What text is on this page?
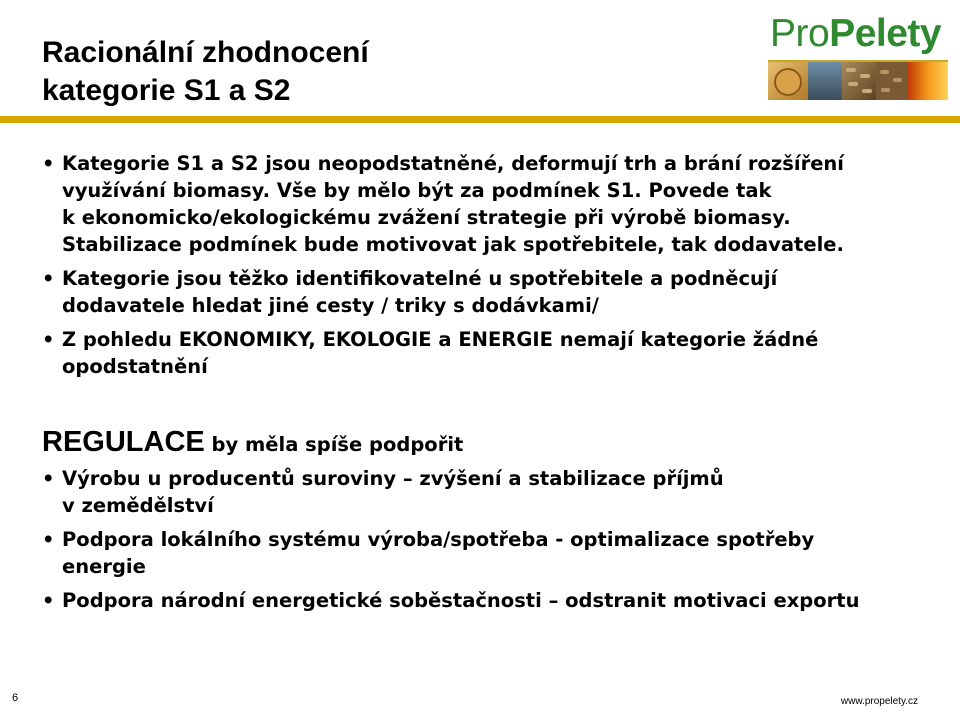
Racionální zhodnocení
kategorie S1 a S2
ProPelety
• Kategorie S1 a S2 jsou neopodstatněné, deformují trh a brání rozšíření
využívání biomasy. Vše by mělo být za podmínek S1. Povede tak
k ekonomicko/ekologickému zvážení strategie při výrobě biomasy.
Stabilizace podmínek bude motivovat jak spotřebitele, tak dodavatele.
• Kategorie jsou těžko identifikovatelné u spotřebitele a podněcují
dodavatele hledat jiné cesty / triky s dodávkami/
• Z pohledu EKONOMIKY, EKOLOGIE a ENERGIE nemají kategorie žádné
opodstatnění
REGULACE by měla spíše podpořit
• Výrobu u producentů suroviny – zvýšení a stabilizace příjmů
v zemědělství
• Podpora lokálního systému výroba/spotřeba - optimalizace spotřeby
energie
• Podpora národní energetické soběstačnosti – odstranit motivaci exportu
6	www.propelety.cz
